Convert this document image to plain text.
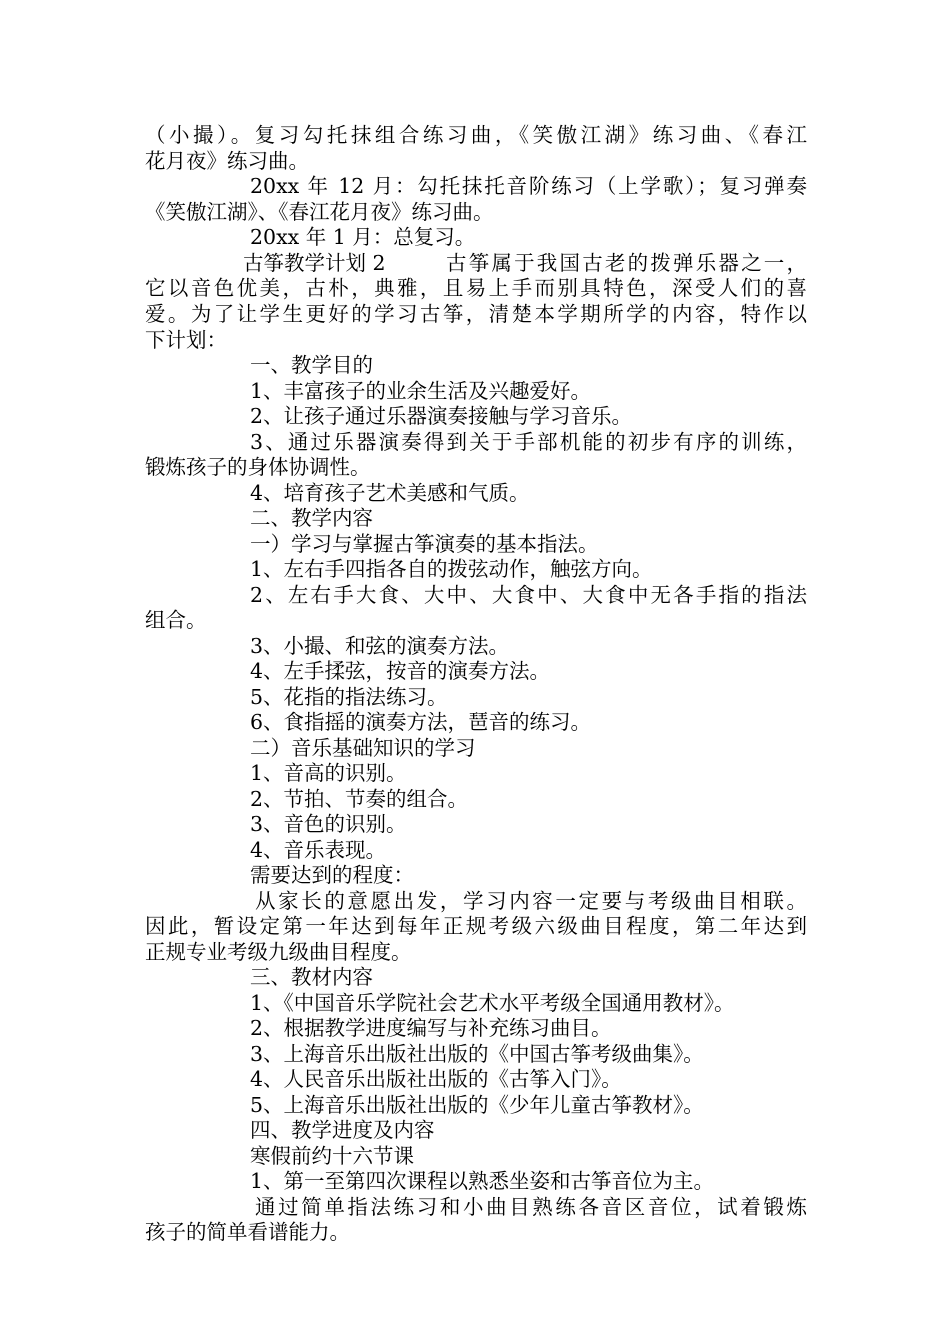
（小撮）。复习勾托抹组合练习曲，《笑傲江湖》练习曲、《春江
花月夜》练习曲。
20xx 年 12 月：勾托抹托音阶练习（上学歌）；复习弹奏
《笑傲江湖》、《春江花月夜》练习曲。
20xx 年 1 月：总复习。
古筝教学计划 2	古筝属于我国古老的拨弹乐器之一，
它以音色优美，古朴，典雅，且易上手而别具特色，深受人们的喜
爱。为了让学生更好的学习古筝，清楚本学期所学的内容，特作以
下计划：
一、教学目的
1、丰富孩子的业余生活及兴趣爱好。
2、让孩子通过乐器演奏接触与学习音乐。
3、通过乐器演奏得到关于手部机能的初步有序的训练，
锻炼孩子的身体协调性。
4、培育孩子艺术美感和气质。
二、教学内容
一）学习与掌握古筝演奏的基本指法。
1、左右手四指各自的拨弦动作，触弦方向。
2、左右手大食、大中、大食中、大食中无各手指的指法
组合。
3、小撮、和弦的演奏方法。
4、左手揉弦，按音的演奏方法。
5、花指的指法练习。
6、食指摇的演奏方法，琶音的练习。
二）音乐基础知识的学习
1、音高的识别。
2、节拍、节奏的组合。
3、音色的识别。
4、音乐表现。
需要达到的程度：
从家长的意愿出发，学习内容一定要与考级曲目相联。
因此，暂设定第一年达到每年正规考级六级曲目程度，第二年达到
正规专业考级九级曲目程度。
三、教材内容
1、《中国音乐学院社会艺术水平考级全国通用教材》。
2、根据教学进度编写与补充练习曲目。
3、上海音乐出版社出版的《中国古筝考级曲集》。
4、人民音乐出版社出版的《古筝入门》。
5、上海音乐出版社出版的《少年儿童古筝教材》。
四、教学进度及内容
寒假前约十六节课
1、第一至第四次课程以熟悉坐姿和古筝音位为主。
通过简单指法练习和小曲目熟练各音区音位，试着锻炼
孩子的简单看谱能力。
